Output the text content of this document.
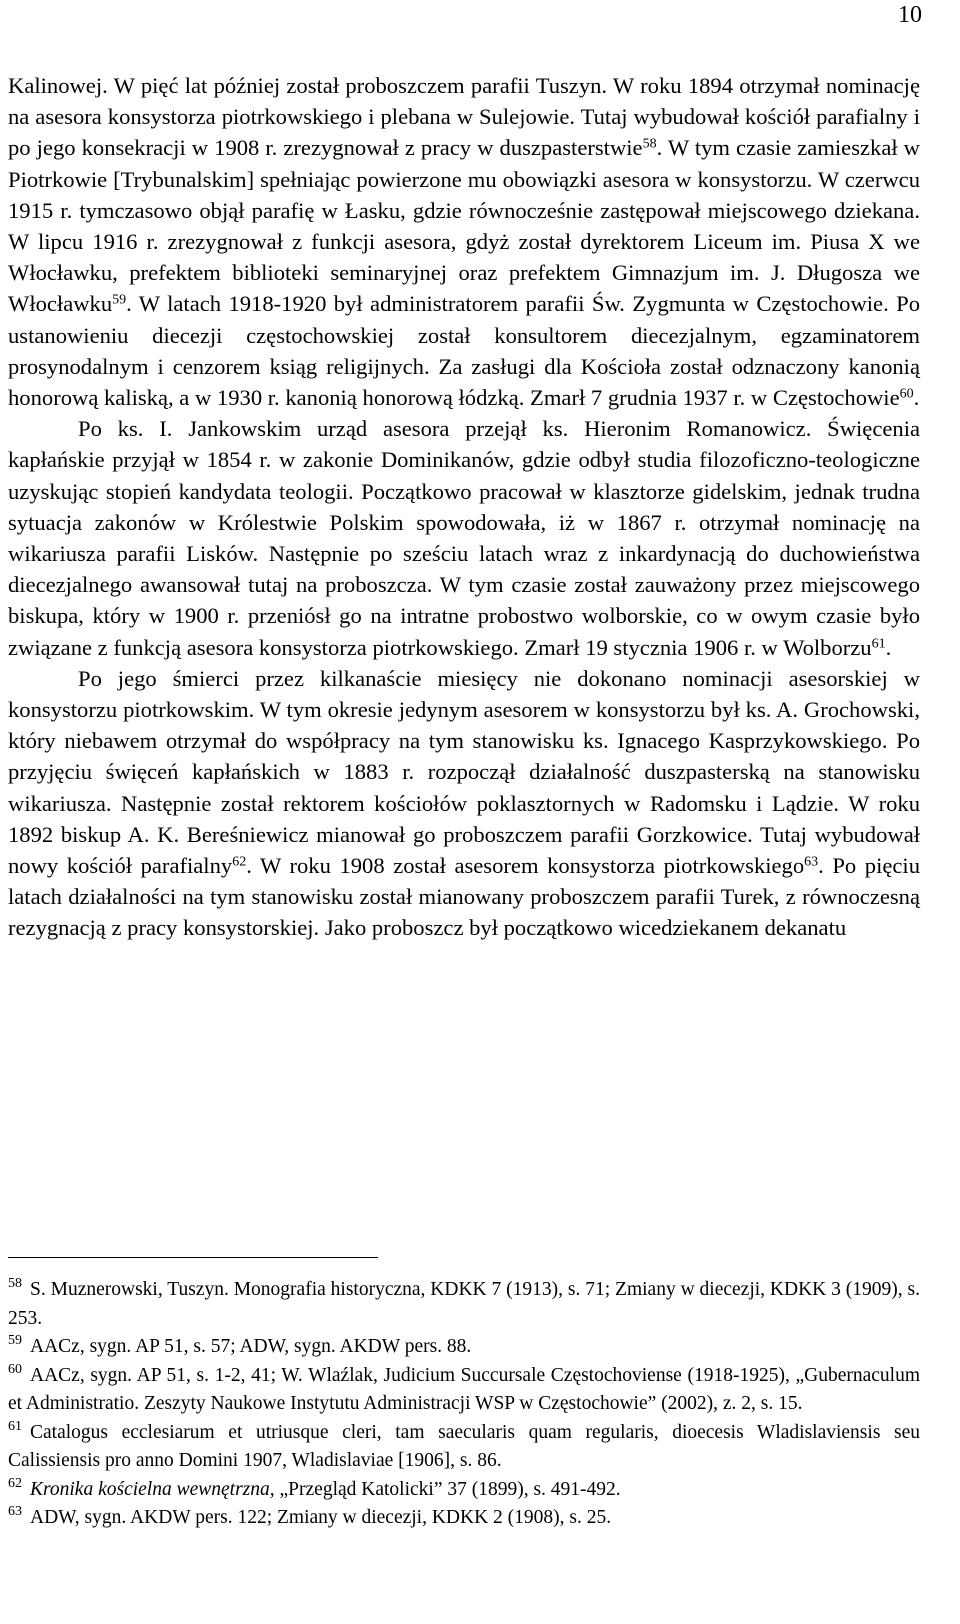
10

Kalinowej. W pięć lat później został proboszczem parafii Tuszyn. W roku 1894 otrzymał nominację na asesora konsystorza piotrkowskiego i plebana w Sulejowie. Tutaj wybudował kościół parafialny i po jego konsekracji w 1908 r. zrezygnował z pracy w duszpasterstwie$^{58}$. W tym czasie zamieszkał w Piotrkowie [Trybunalskim] spełniając powierzone mu obowiązki asesora w konsystorzu. W czerwcu 1915 r. tymczasowo objął parafię w Łasku, gdzie równocześnie zastępował miejscowego dziekana. W lipcu 1916 r. zrezygnował z funkcji asesora, gdyż został dyrektorem Liceum im. Piusa X we Włocławku, prefektem biblioteki seminaryjnej oraz prefektem Gimnazjum im. J. Długosza we Włocławku$^{59}$. W latach 1918-1920 był administratorem parafii Św. Zygmunta w Częstochowie. Po ustanowieniu diecezji częstochowskiej został konsultorem diecezjalnym, egzaminatorem prosynodalnym i cenzorem ksiąg religijnych. Za zasługi dla Kościoła został odznaczony kanonią honorową kaliską, a w 1930 r. kanonią honorową łódzką. Zmarł 7 grudnia 1937 r. w Częstochowie$^{60}$.

Po ks. I. Jankowskim urząd asesora przejął ks. Hieronim Romanowicz. Święcenia kapłańskie przyjął w 1854 r. w zakonie Dominikanów, gdzie odbył studia filozoficzno-teologiczne uzyskując stopień kandydata teologii. Początkowo pracował w klasztorze gidelskim, jednak trudna sytuacja zakonów w Królestwie Polskim spowodowała, iż w 1867 r. otrzymał nominację na wikariusza parafii Lisków. Następnie po sześciu latach wraz z inkardynacją do duchowieństwa diecezjalnego awansował tutaj na proboszcza. W tym czasie został zauważony przez miejscowego biskupa, który w 1900 r. przeniósł go na intratne probostwo wolborskie, co w owym czasie było związane z funkcją asesora konsystorza piotrkowskiego. Zmarł 19 stycznia 1906 r. w Wolborzu$^{61}$.

Po jego śmierci przez kilkanaście miesięcy nie dokonano nominacji asesorskiej w konsystorzu piotrkowskim. W tym okresie jedynym asesorem w konsystorzu był ks. A. Grochowski, który niebawem otrzymał do współpracy na tym stanowisku ks. Ignacego Kasprzykowskiego. Po przyjęciu święceń kapłańskich w 1883 r. rozpoczął działalność duszpasterską na stanowisku wikariusza. Następnie został rektorem kościołów poklasztornych w Radomsku i Lądzie. W roku 1892 biskup A. K. Bereśniewicz mianował go proboszczem parafii Gorzkowice. Tutaj wybudował nowy kościół parafialny$^{62}$. W roku 1908 został asesorem konsystorza piotrkowskiego$^{63}$. Po pięciu latach działalności na tym stanowisku został mianowany proboszczem parafii Turek, z równoczesną rezygnacją z pracy konsystorskiej. Jako proboszcz był początkowo wicedziekanem dekanatu

$^{58}$ S. Muznerowski, Tuszyn. Monografia historyczna, KDKK 7 (1913), s. 71; Zmiany w diecezji, KDKK 3 (1909), s. 253.

$^{59}$ AACz, sygn. AP 51, s. 57; ADW, sygn. AKDW pers. 88.

$^{60}$ AACz, sygn. AP 51, s. 1-2, 41; W. Wlaźlak, Judicium Succursale Częstochoviense (1918-1925), „Gubernaculum et Administratio. Zeszyty Naukowe Instytutu Administracji WSP w Częstochowie” (2002), z. 2, s. 15.

$^{61}$ Catalogus ecclesiarum et utriusque cleri, tam saecularis quam regularis, dioecesis Wladislaviensis seu Calissiensis pro anno Domini 1907, Wladislaviae [1906], s. 86.

$^{62}$ Kronika kościelna wewnętrzna, „Przegląd Katolicki” 37 (1899), s. 491-492.

$^{63}$ ADW, sygn. AKDW pers. 122; Zmiany w diecezji, KDKK 2 (1908), s. 25.
